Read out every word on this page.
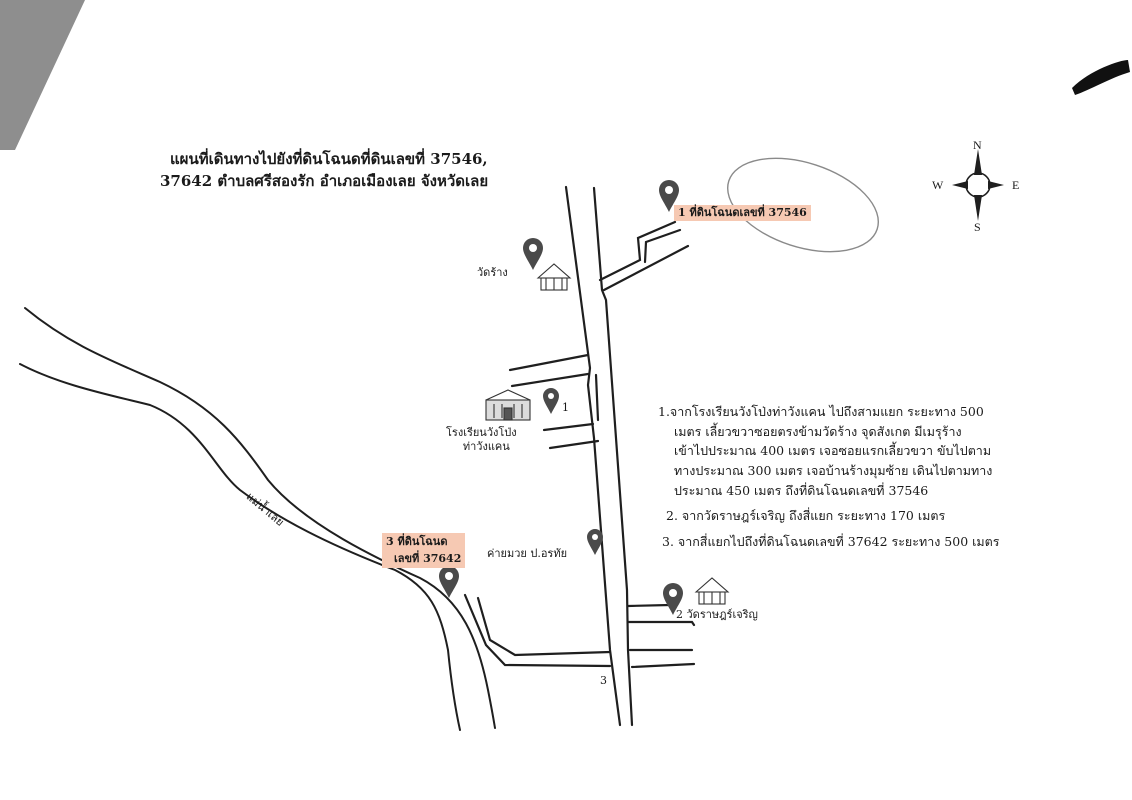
แผนที่เดินทางไปยังที่ดินโฉนดที่ดินเลขที่ 37546,
37642 ตำบลศรีสองรัก อำเภอเมืองเลย จังหวัดเลย
N
S
E
W
1 ที่ดินโฉนดเลขที่ 37546
วัดร้าง
โรงเรียนวังโป่ง
ท่าวังแคน
1
ค่ายมวย ป.อรทัย
2 วัดราษฎร์เจริญ
3 ที่ดินโฉนด
เลขที่ 37642
3
แม่น้ำเลย
1.จากโรงเรียนวังโป่งท่าวังแคน ไปถึงสามแยก ระยะทาง 500
เมตร เลี้ยวขวาซอยตรงข้ามวัดร้าง จุดสังเกต มีเมรุร้าง
เข้าไปประมาณ 400 เมตร เจอซอยแรกเลี้ยวขวา ขับไปตาม
ทางประมาณ 300 เมตร เจอบ้านร้างมุมซ้าย เดินไปตามทาง
ประมาณ 450 เมตร ถึงที่ดินโฉนดเลขที่ 37546
2. จากวัดราษฎร์เจริญ ถึงสี่แยก ระยะทาง 170 เมตร
3. จากสี่แยกไปถึงที่ดินโฉนดเลขที่ 37642 ระยะทาง 500 เมตร
